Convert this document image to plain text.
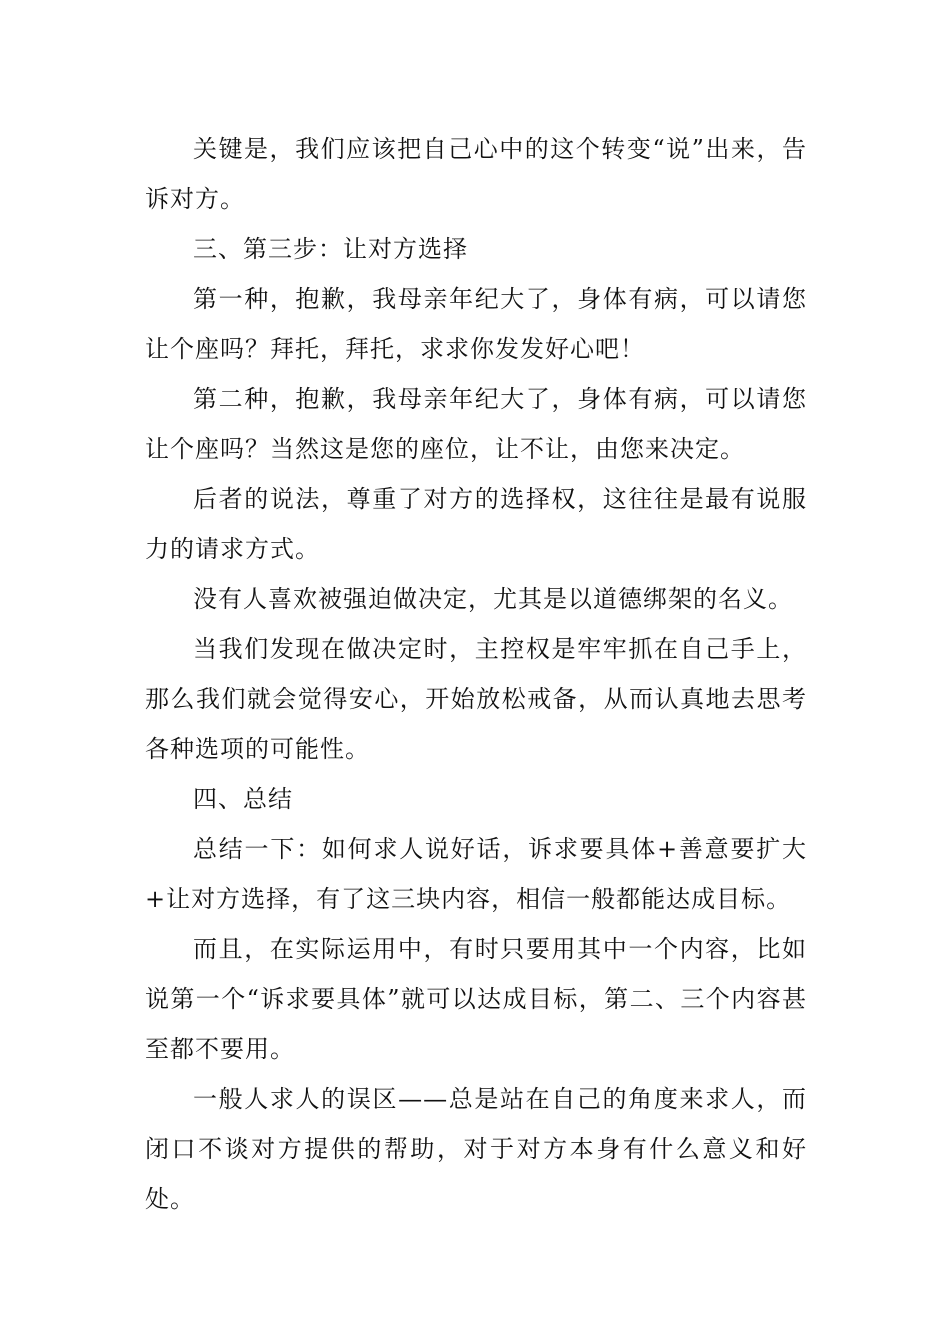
关键是，我们应该把自己心中的这个转变“说”出来，告诉对方。

三、第三步：让对方选择

第一种，抱歉，我母亲年纪大了，身体有病，可以请您让个座吗？拜托，拜托，求求你发发好心吧！

第二种，抱歉，我母亲年纪大了，身体有病，可以请您让个座吗？当然这是您的座位，让不让，由您来决定。

后者的说法，尊重了对方的选择权，这往往是最有说服力的请求方式。

没有人喜欢被强迫做决定，尤其是以道德绑架的名义。

当我们发现在做决定时，主控权是牢牢抓在自己手上，那么我们就会觉得安心，开始放松戒备，从而认真地去思考各种选项的可能性。

四、总结

总结一下：如何求人说好话，诉求要具体+善意要扩大+让对方选择，有了这三块内容，相信一般都能达成目标。

而且，在实际运用中，有时只要用其中一个内容，比如说第一个“诉求要具体”就可以达成目标，第二、三个内容甚至都不要用。

一般人求人的误区——总是站在自己的角度来求人，而闭口不谈对方提供的帮助，对于对方本身有什么意义和好处。
